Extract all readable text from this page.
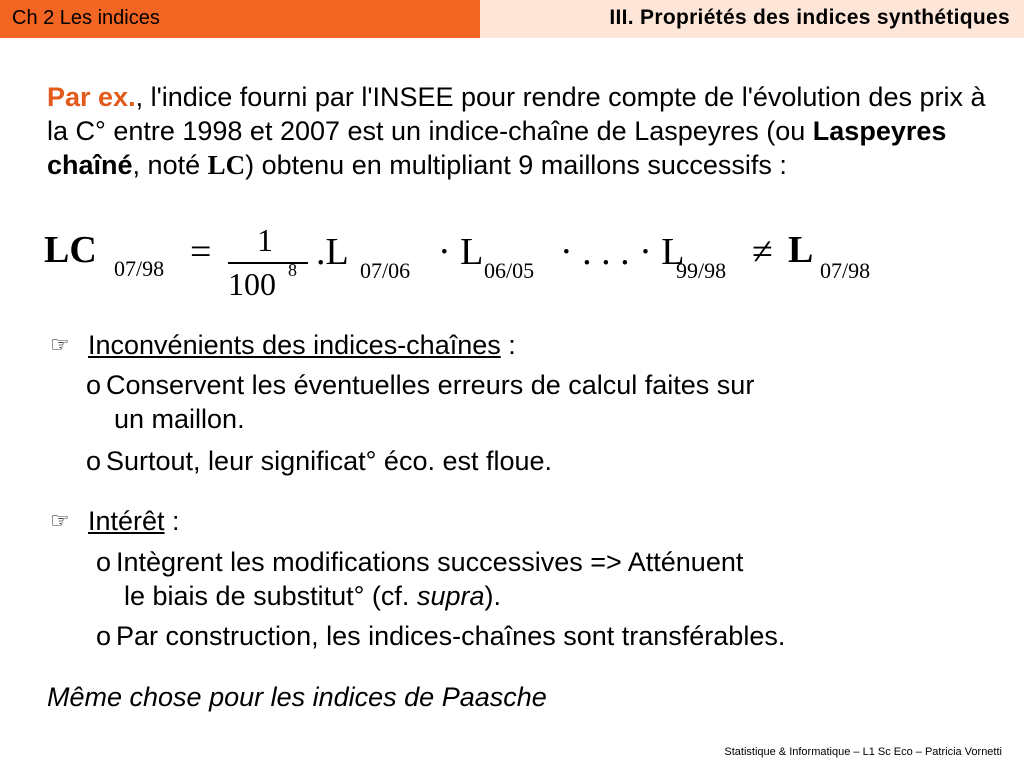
Ch 2 Les indices	III. Propriétés des indices synthétiques
Par ex., l'indice fourni par l'INSEE pour rendre compte de l'évolution des prix à la C° entre 1998 et 2007 est un indice-chaîne de Laspeyres (ou Laspeyres chaîné, noté LC) obtenu en multipliant 9 maillons successifs :
LC 07/98 = 1
100 8 .L 07/06 · L 06/05 · . . . · L
99/98 ≠ L 07/98
☞ Inconvénients des indices-chaînes :
o Conservent les éventuelles erreurs de calcul faites sur
un maillon.
o Surtout, leur significat° éco. est floue.
☞ Intérêt :
o Intègrent les modifications successives => Atténuent
le biais de substitut° (cf. supra).
o Par construction, les indices-chaînes sont transférables.
Même chose pour les indices de Paasche
Statistique & Informatique – L1 Sc Eco – Patricia Vornetti
